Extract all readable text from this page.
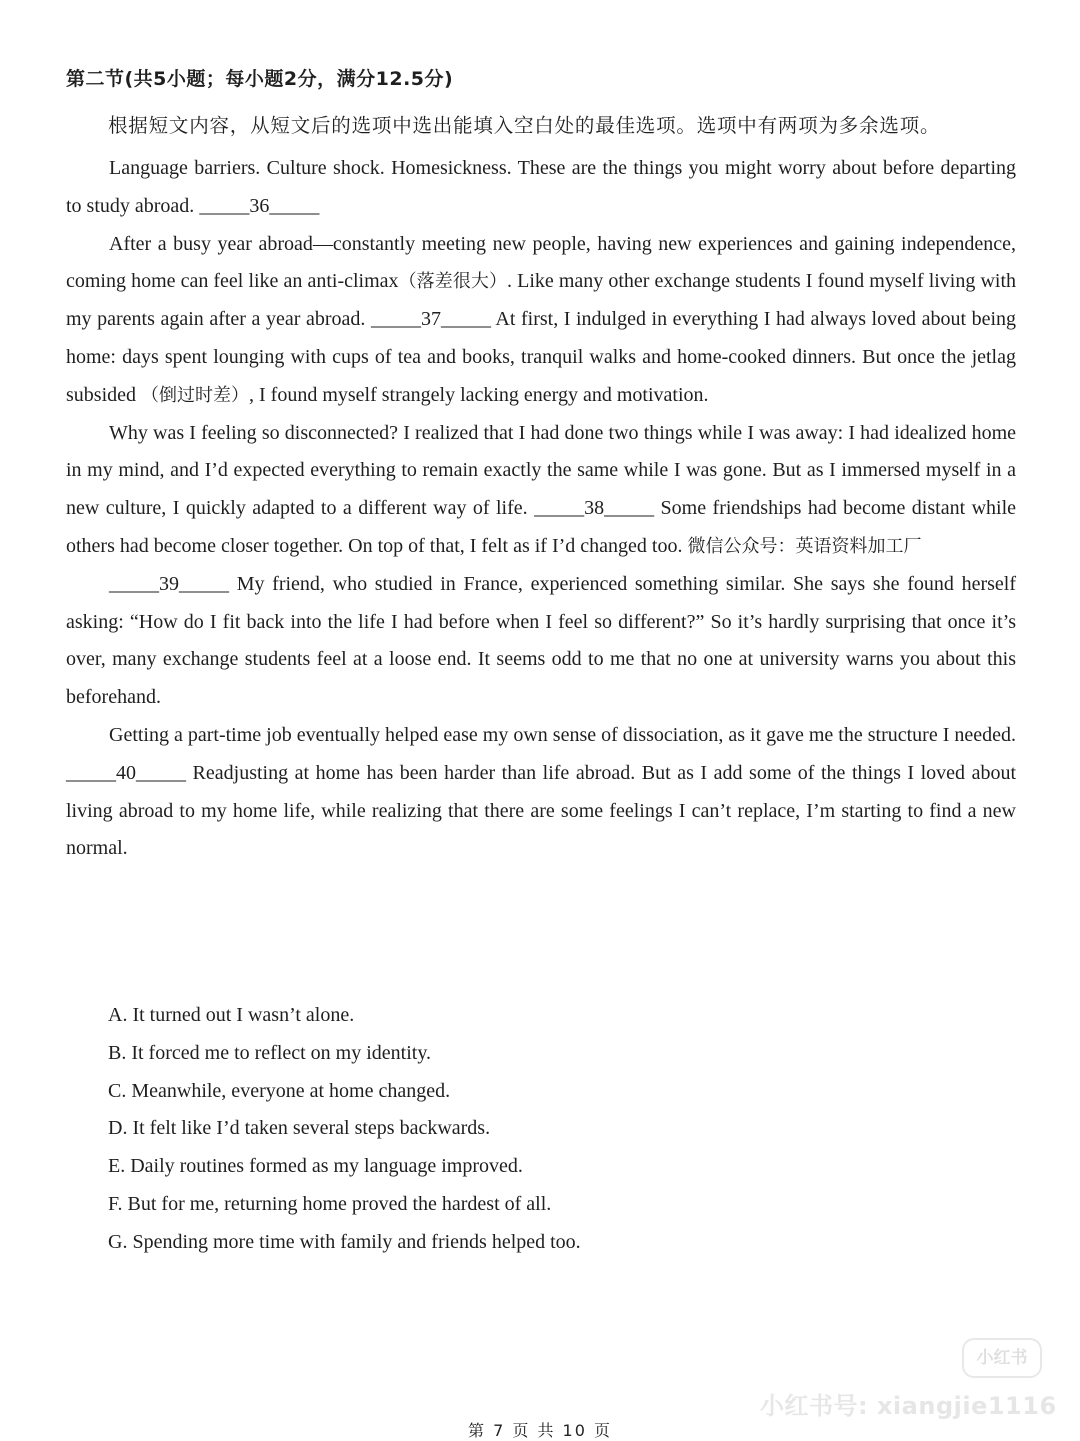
第二节(共5小题；每小题2分，满分12.5分)
根据短文内容，从短文后的选项中选出能填入空白处的最佳选项。选项中有两项为多余选项。

Language barriers. Culture shock. Homesickness. These are the things you might worry about before departing to study abroad. _____36_____

After a busy year abroad—constantly meeting new people, having new experiences and gaining independence, coming home can feel like an anti-climax（落差很大）. Like many other exchange students I found myself living with my parents again after a year abroad. _____37_____ At first, I indulged in everything I had always loved about being home: days spent lounging with cups of tea and books, tranquil walks and home-cooked dinners. But once the jetlag subsided （倒过时差）, I found myself strangely lacking energy and motivation.

Why was I feeling so disconnected? I realized that I had done two things while I was away: I had idealized home in my mind, and I’d expected everything to remain exactly the same while I was gone. But as I immersed myself in a new culture, I quickly adapted to a different way of life. _____38_____ Some friendships had become distant while others had become closer together. On top of that, I felt as if I’d changed too. 微信公众号：英语资料加工厂

_____39_____ My friend, who studied in France, experienced something similar. She says she found herself asking: “How do I fit back into the life I had before when I feel so different?” So it’s hardly surprising that once it’s over, many exchange students feel at a loose end. It seems odd to me that no one at university warns you about this beforehand.

Getting a part-time job eventually helped ease my own sense of dissociation, as it gave me the structure I needed. _____40_____ Readjusting at home has been harder than life abroad. But as I add some of the things I loved about living abroad to my home life, while realizing that there are some feelings I can’t replace, I’m starting to find a new normal.

A. It turned out I wasn’t alone.
B. It forced me to reflect on my identity.
C. Meanwhile, everyone at home changed.
D. It felt like I’d taken several steps backwards.
E. Daily routines formed as my language improved.
F. But for me, returning home proved the hardest of all.
G. Spending more time with family and friends helped too.
小红书
小红书号: xiangjie1116
第 7 页 共 10 页
